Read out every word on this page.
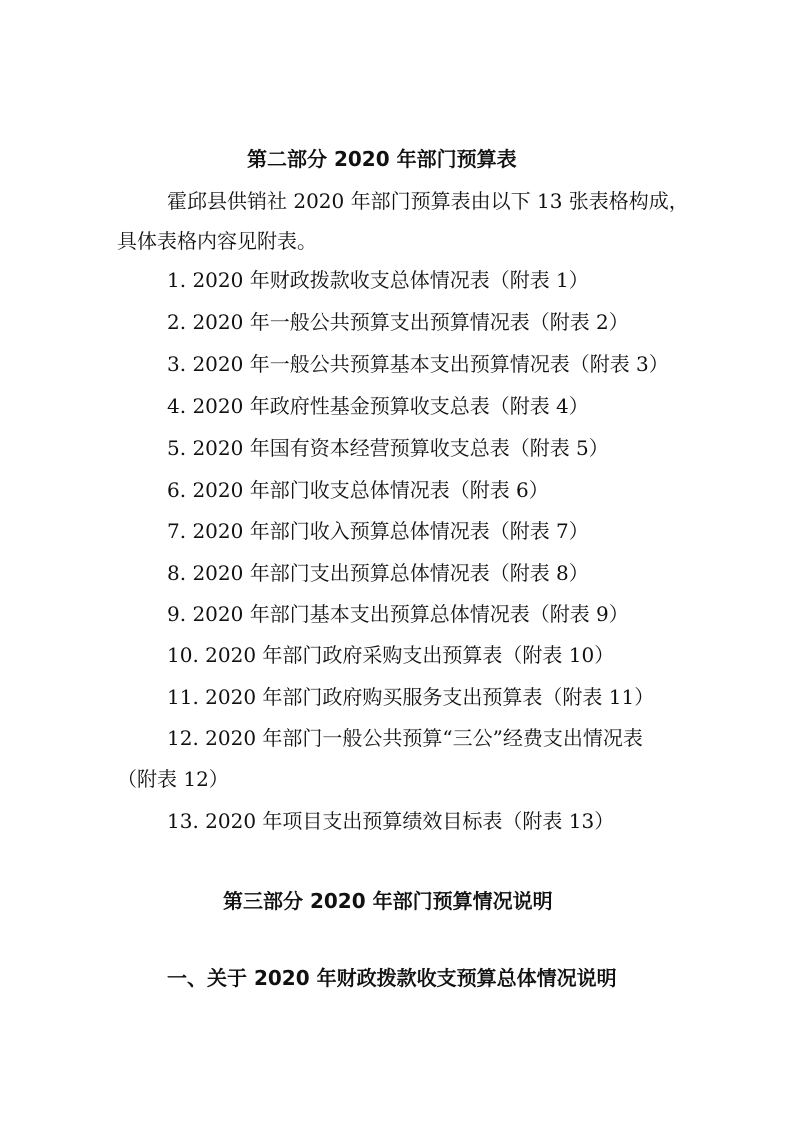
第二部分 2020 年部门预算表
霍邱县供销社 2020 年部门预算表由以下 13 张表格构成，
具体表格内容见附表。
1. 2020 年财政拨款收支总体情况表（附表 1）
2. 2020 年一般公共预算支出预算情况表（附表 2）
3. 2020 年一般公共预算基本支出预算情况表（附表 3）
4. 2020 年政府性基金预算收支总表（附表 4）
5. 2020 年国有资本经营预算收支总表（附表 5）
6. 2020 年部门收支总体情况表（附表 6）
7. 2020 年部门收入预算总体情况表（附表 7）
8. 2020 年部门支出预算总体情况表（附表 8）
9. 2020 年部门基本支出预算总体情况表（附表 9）
10. 2020 年部门政府采购支出预算表（附表 10）
11. 2020 年部门政府购买服务支出预算表（附表 11）
12. 2020 年部门一般公共预算“三公”经费支出情况表
（附表 12）
13. 2020 年项目支出预算绩效目标表（附表 13）
第三部分 2020 年部门预算情况说明
一、关于 2020 年财政拨款收支预算总体情况说明
